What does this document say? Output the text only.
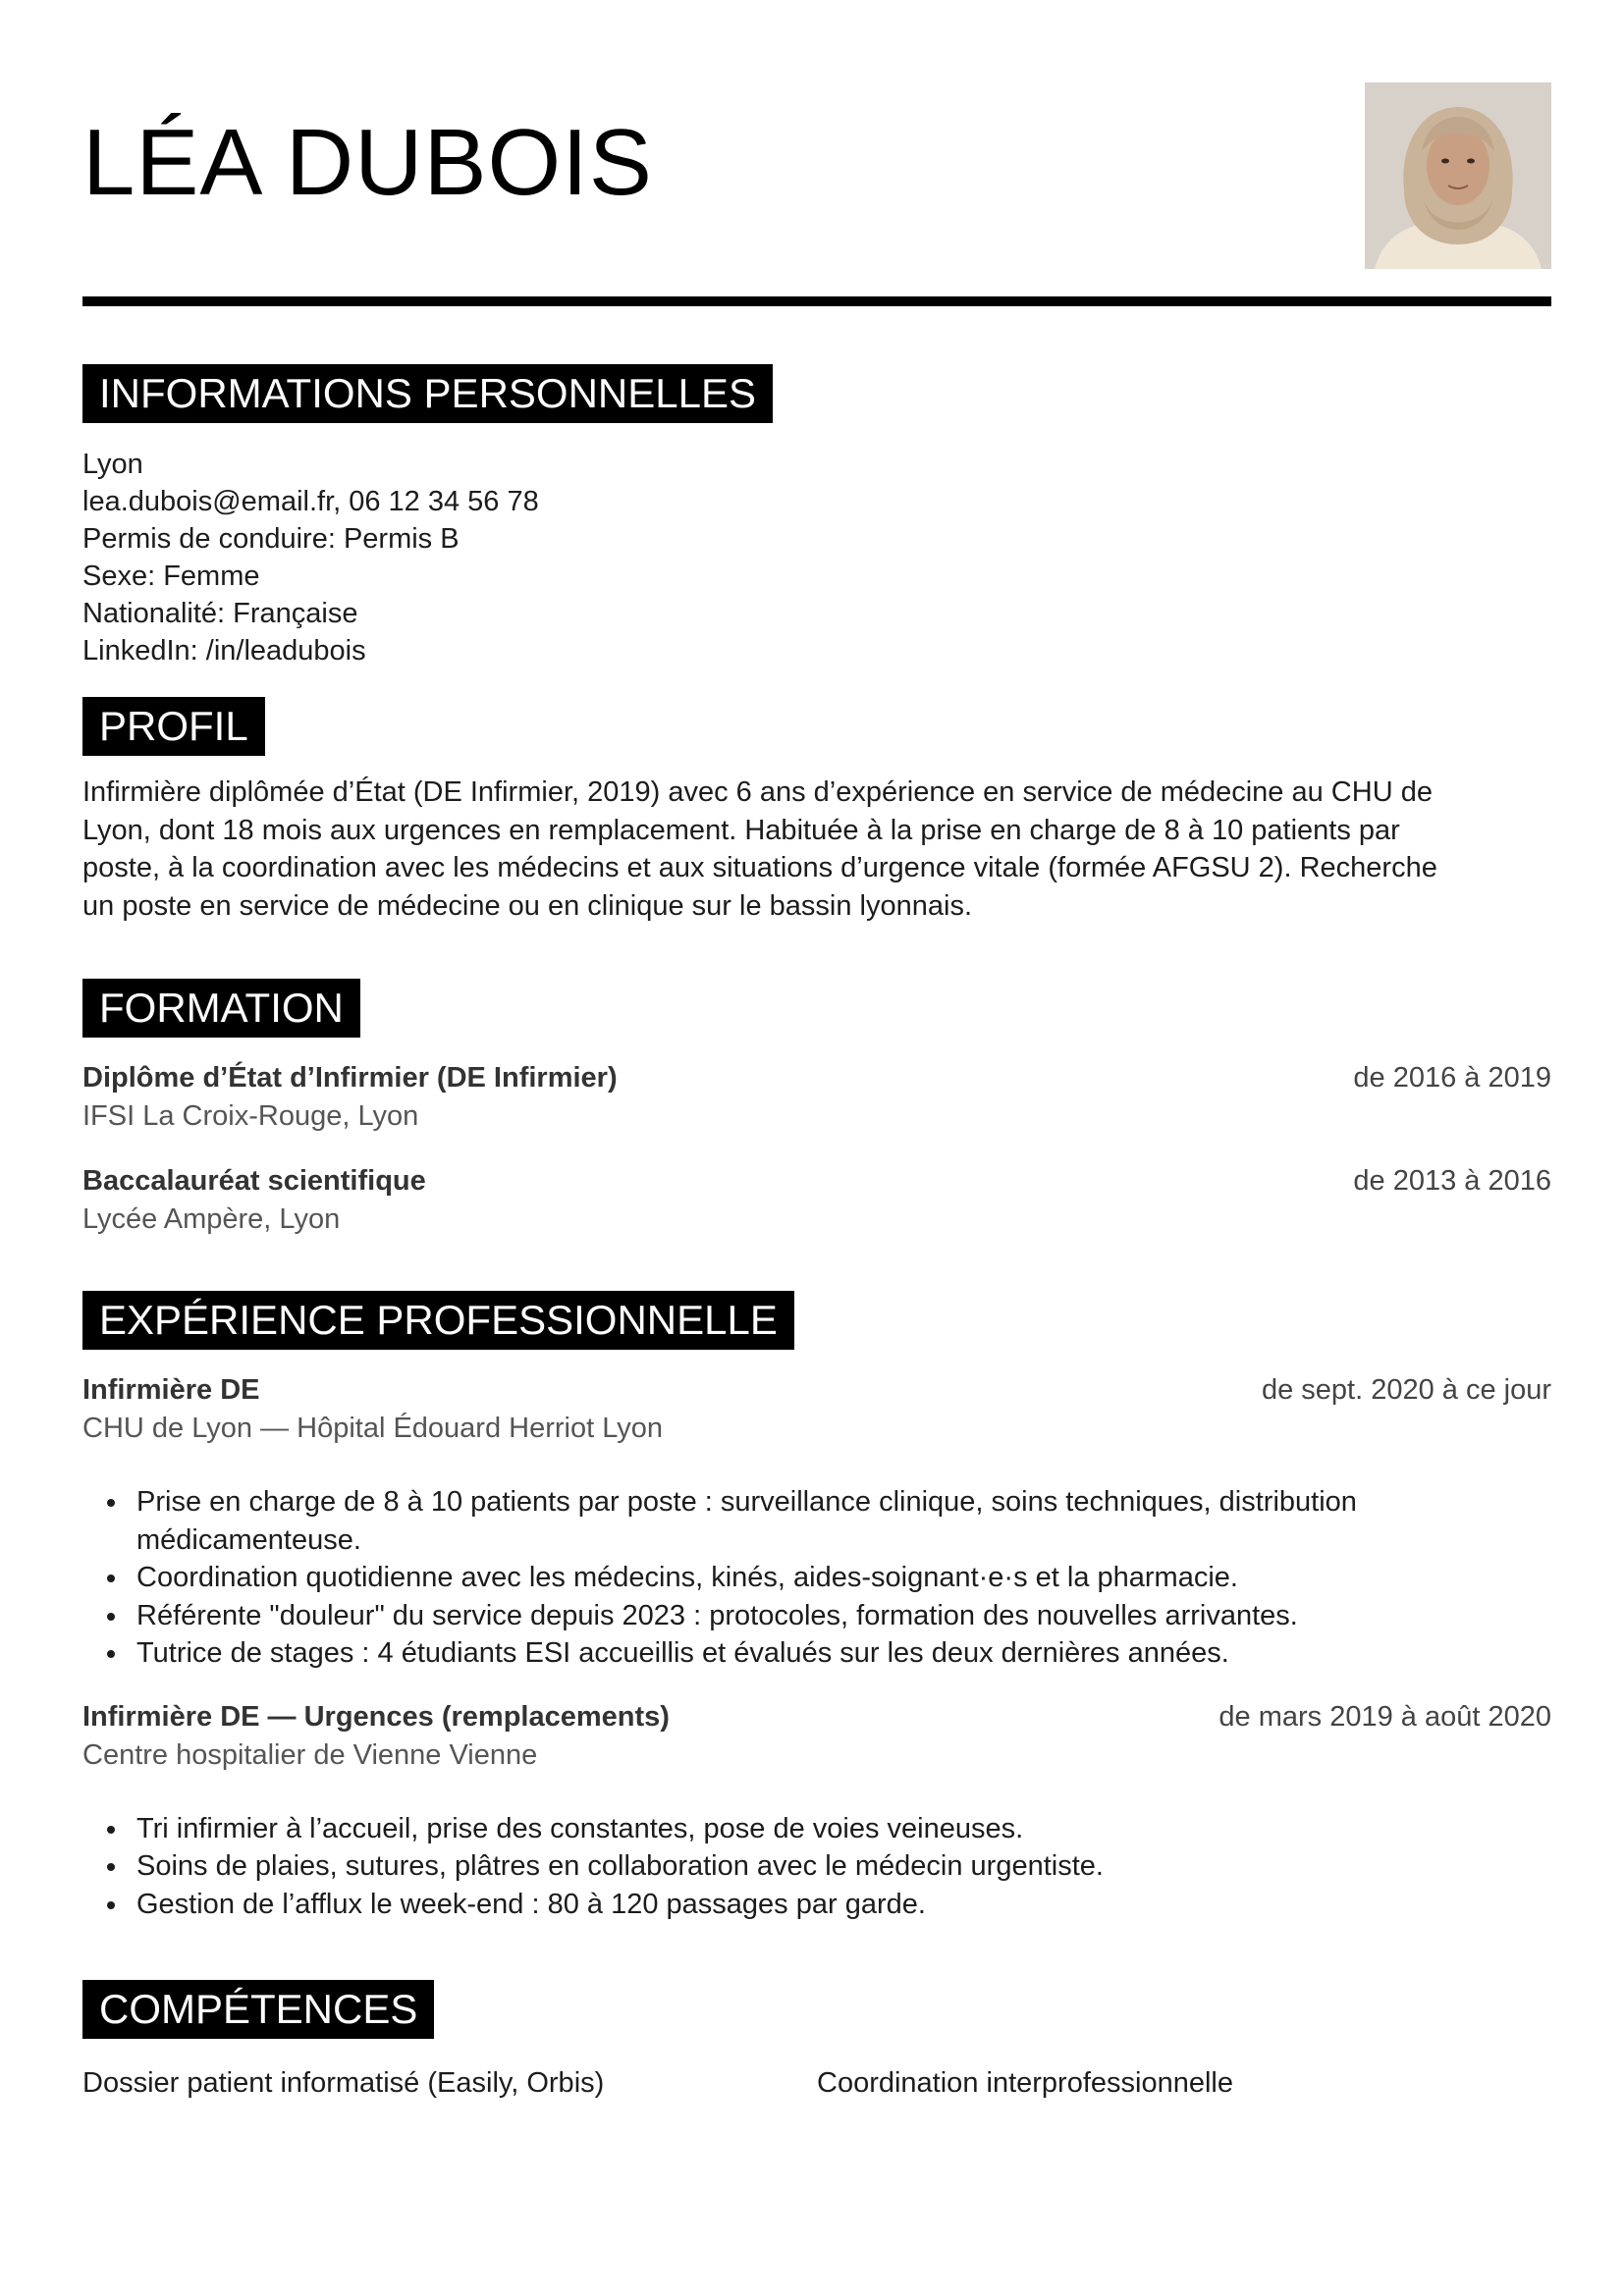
LÉA DUBOIS
INFORMATIONS PERSONNELLES
Lyon
lea.dubois@email.fr, 06 12 34 56 78
Permis de conduire: Permis B
Sexe: Femme
Nationalité: Française
LinkedIn: /in/leadubois
PROFIL
Infirmière diplômée d’État (DE Infirmier, 2019) avec 6 ans d’expérience en service de médecine au CHU de
Lyon, dont 18 mois aux urgences en remplacement. Habituée à la prise en charge de 8 à 10 patients par
poste, à la coordination avec les médecins et aux situations d’urgence vitale (formée AFGSU 2). Recherche
un poste en service de médecine ou en clinique sur le bassin lyonnais.
FORMATION
Diplôme d’État d’Infirmier (DE Infirmier)	de 2016 à 2019
IFSI La Croix-Rouge, Lyon
Baccalauréat scientifique	de 2013 à 2016
Lycée Ampère, Lyon
EXPÉRIENCE PROFESSIONNELLE
Infirmière DE	de sept. 2020 à ce jour
CHU de Lyon — Hôpital Édouard Herriot Lyon
Prise en charge de 8 à 10 patients par poste : surveillance clinique, soins techniques, distribution
médicamenteuse.
Coordination quotidienne avec les médecins, kinés, aides-soignant·e·s et la pharmacie.
Référente "douleur" du service depuis 2023 : protocoles, formation des nouvelles arrivantes.
Tutrice de stages : 4 étudiants ESI accueillis et évalués sur les deux dernières années.
Infirmière DE — Urgences (remplacements)	de mars 2019 à août 2020
Centre hospitalier de Vienne Vienne
Tri infirmier à l’accueil, prise des constantes, pose de voies veineuses.
Soins de plaies, sutures, plâtres en collaboration avec le médecin urgentiste.
Gestion de l’afflux le week-end : 80 à 120 passages par garde.
COMPÉTENCES
Dossier patient informatisé (Easily, Orbis)	Coordination interprofessionnelle
